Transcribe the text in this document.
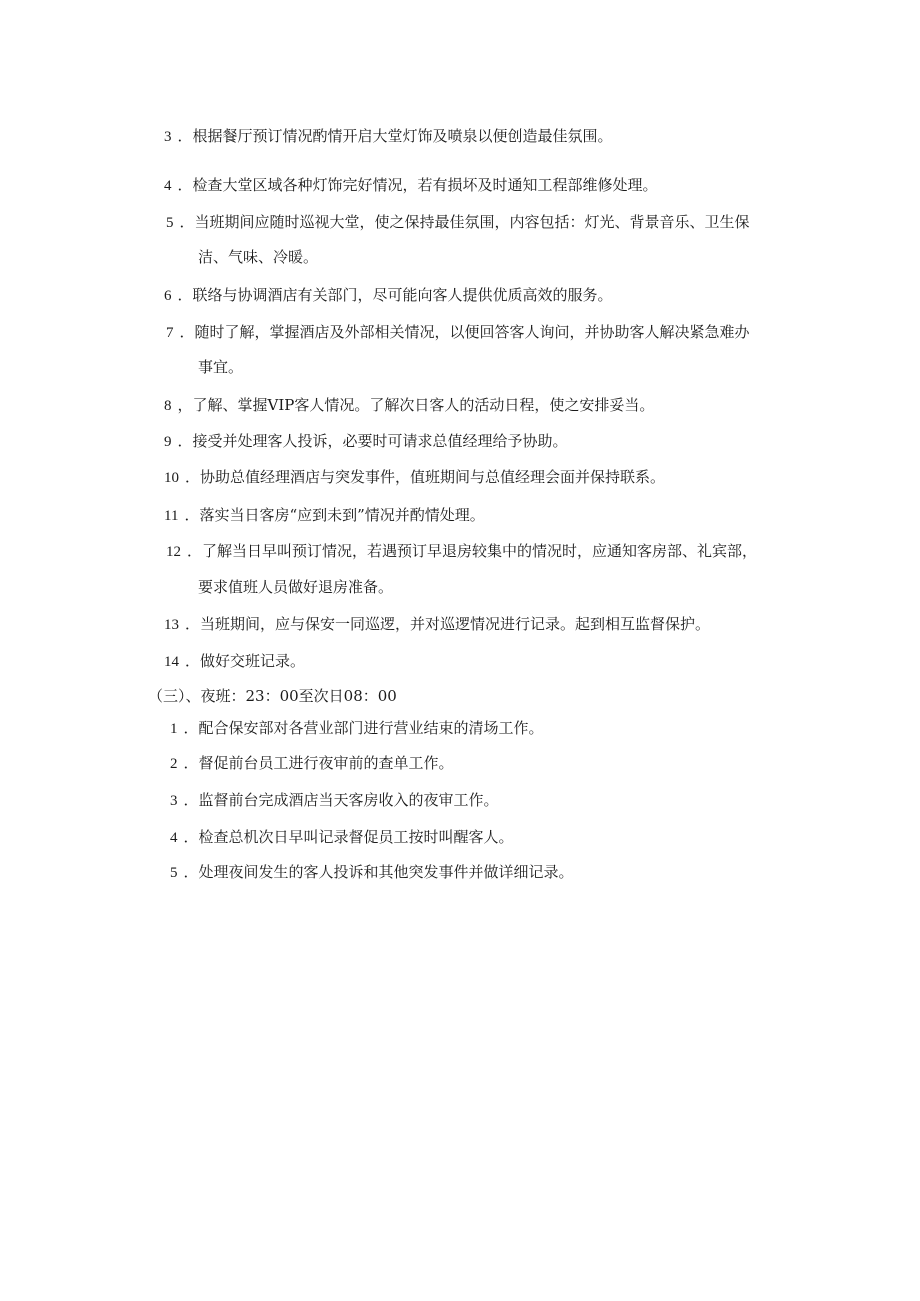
3 ．根据餐厅预订情况酌情开启大堂灯饰及喷泉以便创造最佳氛围。
4 ．检查大堂区域各种灯饰完好情况，若有损坏及时通知工程部维修处理。
5 ．当班期间应随时巡视大堂，使之保持最佳氛围，内容包括：灯光、背景音乐、卫生保
洁、气味、冷暖。
6 ．联络与协调酒店有关部门，尽可能向客人提供优质高效的服务。
7 ．随时了解，掌握酒店及外部相关情况，以便回答客人询问，并协助客人解决紧急难办
事宜。
8 ，了解、掌握VIP客人情况。了解次日客人的活动日程，使之安排妥当。
9 ．接受并处理客人投诉，必要时可请求总值经理给予协助。
10 ．协助总值经理酒店与突发事件，值班期间与总值经理会面并保持联系。
11 ．落实当日客房“应到未到”情况并酌情处理。
12 ．了解当日早叫预订情况，若遇预订早退房较集中的情况时，应通知客房部、礼宾部，
要求值班人员做好退房准备。
13 ．当班期间，应与保安一同巡逻，并对巡逻情况进行记录。起到相互监督保护。
14 ．做好交班记录。
（三）、夜班：23：00至次日08：00
1 ．配合保安部对各营业部门进行营业结束的清场工作。
2 ．督促前台员工进行夜审前的查单工作。
3 ．监督前台完成酒店当天客房收入的夜审工作。
4 ．检查总机次日早叫记录督促员工按时叫醒客人。
5 ．处理夜间发生的客人投诉和其他突发事件并做详细记录。
